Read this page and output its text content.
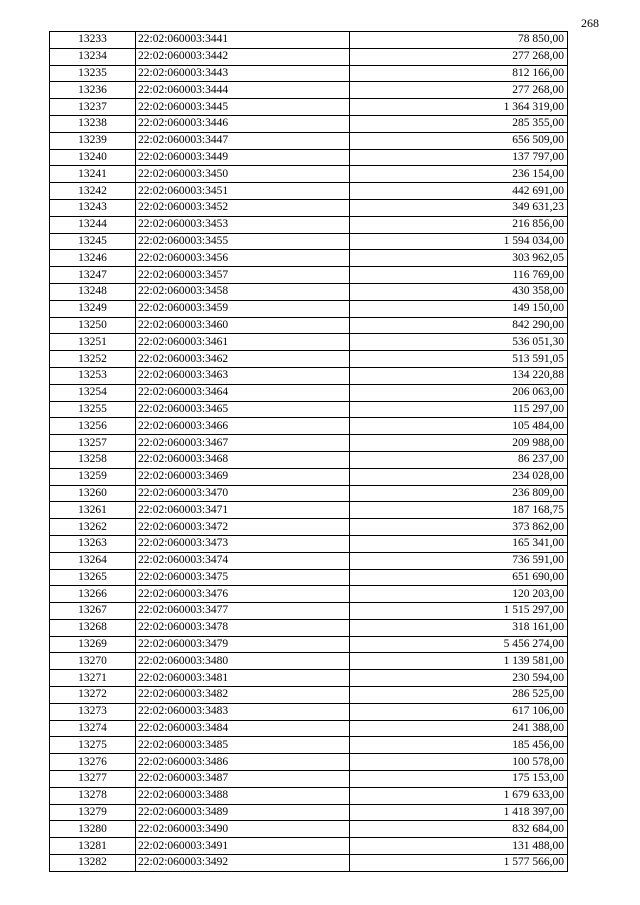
268
13233	22:02:060003:3441	78 850,00
13234	22:02:060003:3442	277 268,00
13235	22:02:060003:3443	812 166,00
13236	22:02:060003:3444	277 268,00
13237	22:02:060003:3445	1 364 319,00
13238	22:02:060003:3446	285 355,00
13239	22:02:060003:3447	656 509,00
13240	22:02:060003:3449	137 797,00
13241	22:02:060003:3450	236 154,00
13242	22:02:060003:3451	442 691,00
13243	22:02:060003:3452	349 631,23
13244	22:02:060003:3453	216 856,00
13245	22:02:060003:3455	1 594 034,00
13246	22:02:060003:3456	303 962,05
13247	22:02:060003:3457	116 769,00
13248	22:02:060003:3458	430 358,00
13249	22:02:060003:3459	149 150,00
13250	22:02:060003:3460	842 290,00
13251	22:02:060003:3461	536 051,30
13252	22:02:060003:3462	513 591,05
13253	22:02:060003:3463	134 220,88
13254	22:02:060003:3464	206 063,00
13255	22:02:060003:3465	115 297,00
13256	22:02:060003:3466	105 484,00
13257	22:02:060003:3467	209 988,00
13258	22:02:060003:3468	86 237,00
13259	22:02:060003:3469	234 028,00
13260	22:02:060003:3470	236 809,00
13261	22:02:060003:3471	187 168,75
13262	22:02:060003:3472	373 862,00
13263	22:02:060003:3473	165 341,00
13264	22:02:060003:3474	736 591,00
13265	22:02:060003:3475	651 690,00
13266	22:02:060003:3476	120 203,00
13267	22:02:060003:3477	1 515 297,00
13268	22:02:060003:3478	318 161,00
13269	22:02:060003:3479	5 456 274,00
13270	22:02:060003:3480	1 139 581,00
13271	22:02:060003:3481	230 594,00
13272	22:02:060003:3482	286 525,00
13273	22:02:060003:3483	617 106,00
13274	22:02:060003:3484	241 388,00
13275	22:02:060003:3485	185 456,00
13276	22:02:060003:3486	100 578,00
13277	22:02:060003:3487	175 153,00
13278	22:02:060003:3488	1 679 633,00
13279	22:02:060003:3489	1 418 397,00
13280	22:02:060003:3490	832 684,00
13281	22:02:060003:3491	131 488,00
13282	22:02:060003:3492	1 577 566,00
